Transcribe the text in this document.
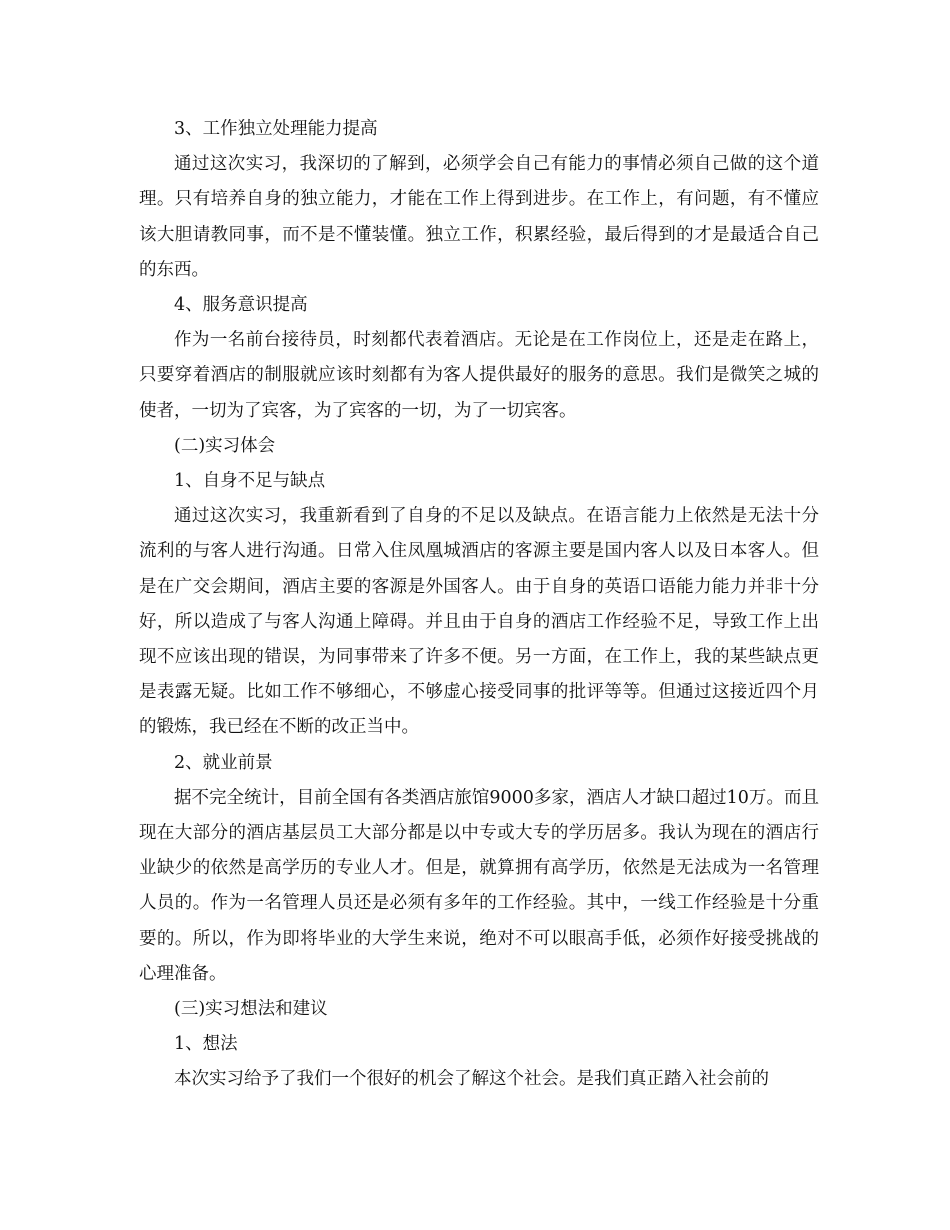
3、工作独立处理能力提高

通过这次实习，我深切的了解到，必须学会自己有能力的事情必须自己做的这个道理。只有培养自身的独立能力，才能在工作上得到进步。在工作上，有问题，有不懂应该大胆请教同事，而不是不懂装懂。独立工作，积累经验，最后得到的才是最适合自己的东西。

4、服务意识提高

作为一名前台接待员，时刻都代表着酒店。无论是在工作岗位上，还是走在路上，只要穿着酒店的制服就应该时刻都有为客人提供最好的服务的意思。我们是微笑之城的使者，一切为了宾客，为了宾客的一切，为了一切宾客。

(二)实习体会

1、自身不足与缺点

通过这次实习，我重新看到了自身的不足以及缺点。在语言能力上依然是无法十分流利的与客人进行沟通。日常入住凤凰城酒店的客源主要是国内客人以及日本客人。但是在广交会期间，酒店主要的客源是外国客人。由于自身的英语口语能力能力并非十分好，所以造成了与客人沟通上障碍。并且由于自身的酒店工作经验不足，导致工作上出现不应该出现的错误，为同事带来了许多不便。另一方面，在工作上，我的某些缺点更是表露无疑。比如工作不够细心，不够虚心接受同事的批评等等。但通过这接近四个月的锻炼，我已经在不断的改正当中。

2、就业前景

据不完全统计，目前全国有各类酒店旅馆9000多家，酒店人才缺口超过10万。而且现在大部分的酒店基层员工大部分都是以中专或大专的学历居多。我认为现在的酒店行业缺少的依然是高学历的专业人才。但是，就算拥有高学历，依然是无法成为一名管理人员的。作为一名管理人员还是必须有多年的工作经验。其中，一线工作经验是十分重要的。所以，作为即将毕业的大学生来说，绝对不可以眼高手低，必须作好接受挑战的心理准备。

(三)实习想法和建议

1、想法

本次实习给予了我们一个很好的机会了解这个社会。是我们真正踏入社会前的
